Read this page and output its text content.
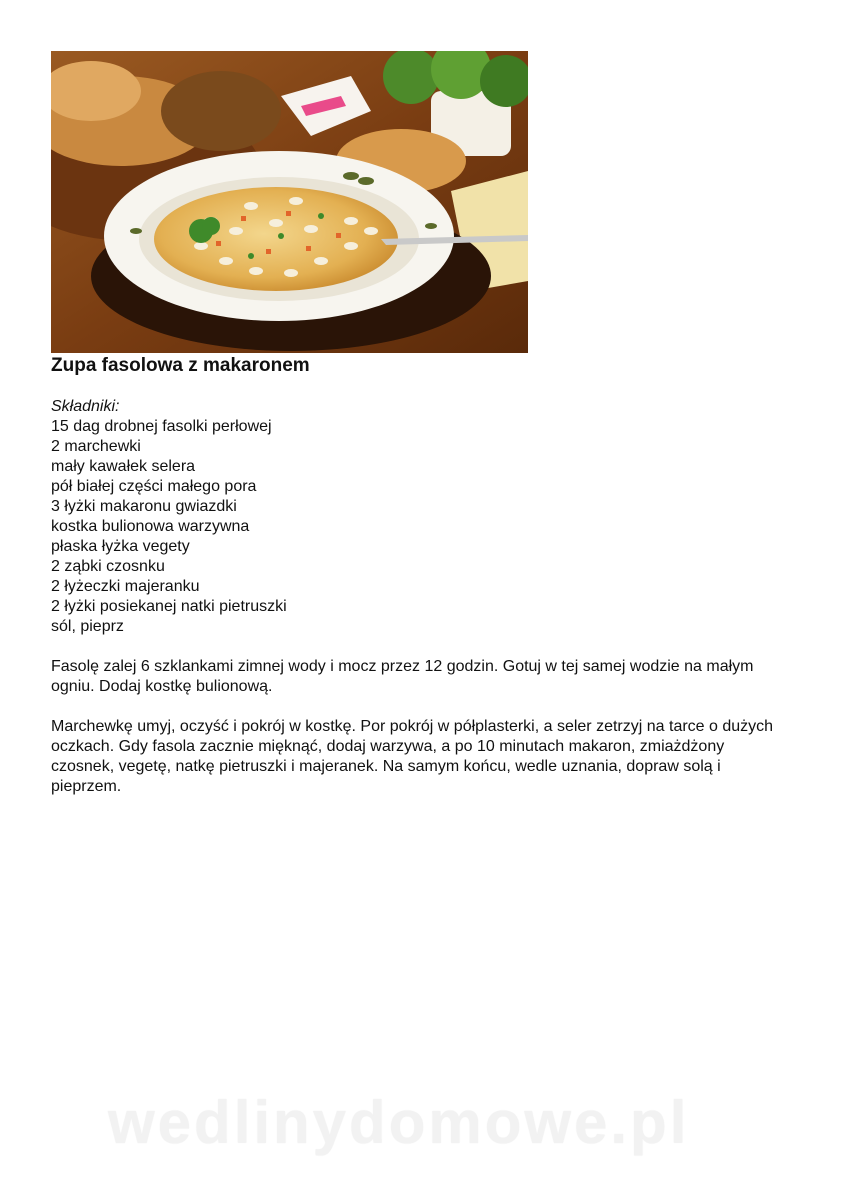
Zupa fasolowa z makaronem
Składniki:
15 dag drobnej fasolki perłowej
2 marchewki
mały kawałek selera
pół białej części małego pora
3 łyżki makaronu gwiazdki
kostka bulionowa warzywna
płaska łyżka vegety
2 ząbki czosnku
2 łyżeczki majeranku
2 łyżki posiekanej natki pietruszki
sól, pieprz

Fasolę zalej 6 szklankami zimnej wody i mocz przez 12 godzin. Gotuj w tej samej wodzie na małym ogniu. Dodaj kostkę bulionową.

Marchewkę umyj, oczyść i pokrój w kostkę. Por pokrój w półplasterki, a seler zetrzyj na tarce o dużych oczkach. Gdy fasola zacznie mięknąć, dodaj warzywa, a po 10 minutach makaron, zmiażdżony czosnek, vegetę, natkę pietruszki i majeranek. Na samym końcu, wedle uznania, dopraw solą i pieprzem.

wedlinydomowe.pl
